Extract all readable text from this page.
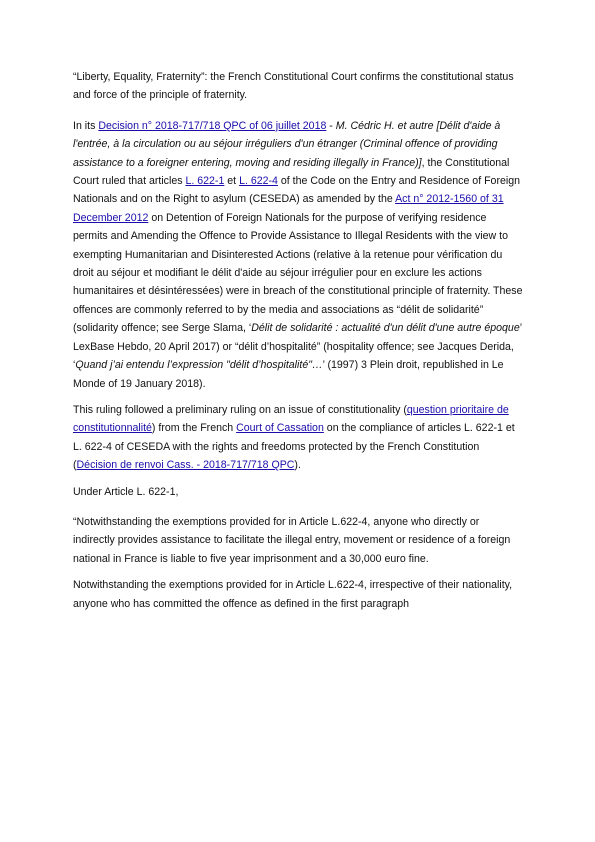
“Liberty, Equality, Fraternity”: the French Constitutional Court confirms the constitutional status and force of the principle of fraternity.

In its Decision n° 2018-717/718 QPC of 06 juillet 2018 - M. Cédric H. et autre [Délit d'aide à l'entrée, à la circulation ou au séjour irréguliers d'un étranger (Criminal offence of providing assistance to a foreigner entering, moving and residing illegally in France)], the Constitutional Court ruled that articles L. 622-1 et L. 622-4 of the Code on the Entry and Residence of Foreign Nationals and on the Right to asylum (CESEDA) as amended by the Act n° 2012-1560 of 31 December 2012 on Detention of Foreign Nationals for the purpose of verifying residence permits and Amending the Offence to Provide Assistance to Illegal Residents with the view to exempting Humanitarian and Disinterested Actions (relative à la retenue pour vérification du droit au séjour et modifiant le délit d'aide au séjour irrégulier pour en exclure les actions humanitaires et désintéressées) were in breach of the constitutional principle of fraternity. These offences are commonly referred to by the media and associations as “délit de solidarité” (solidarity offence; see Serge Slama, ‘Délit de solidarité : actualité d'un délit d'une autre époque’ LexBase Hebdo, 20 April 2017) or “délit d’hospitalité” (hospitality offence; see Jacques Derida, ‘Quand j’ai entendu l’expression "délit d’hospitalité"…’ (1997) 3 Plein droit, republished in Le Monde of 19 January 2018).

This ruling followed a preliminary ruling on an issue of constitutionality (question prioritaire de constitutionnalité) from the French Court of Cassation on the compliance of articles L. 622-1 et L. 622-4 of CESEDA with the rights and freedoms protected by the French Constitution (Décision de renvoi Cass. - 2018-717/718 QPC).

Under Article L. 622-1,

“Notwithstanding the exemptions provided for in Article L.622-4, anyone who directly or indirectly provides assistance to facilitate the illegal entry, movement or residence of a foreign national in France is liable to five year imprisonment and a 30,000 euro fine.

Notwithstanding the exemptions provided for in Article L.622-4, irrespective of their nationality, anyone who has committed the offence as defined in the first paragraph
